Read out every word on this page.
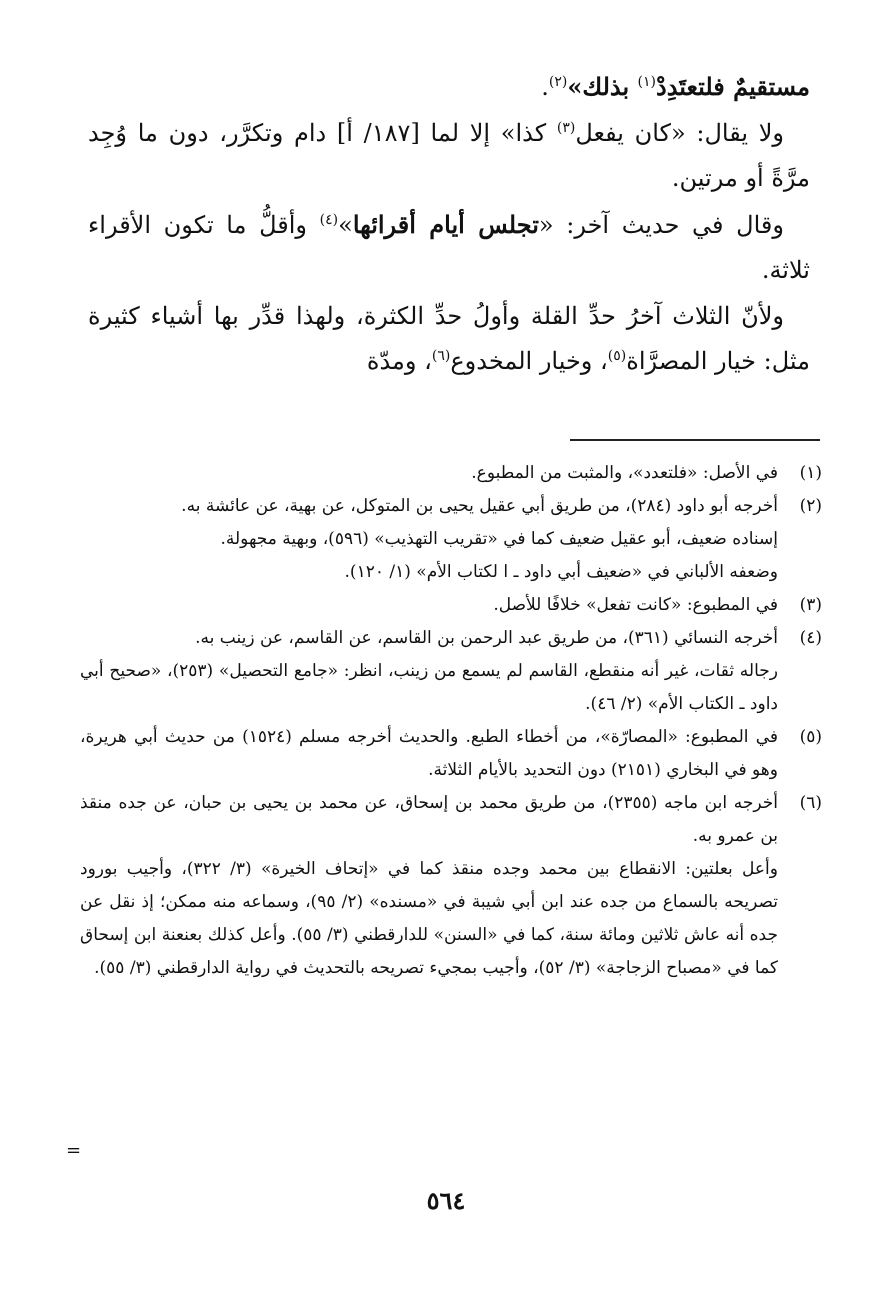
مستقيمٌ فلتعتَدِدْ$^{(١)}$ بذلك»$^{(٢)}$.

ولا يقال: «كان يفعل$^{(٣)}$ كذا» إلا لما [١٨٧/ أ] دام وتكرَّر، دون ما وُجِد مرَّةً أو مرتين.

وقال في حديث آخر: «تجلس أيام أقرائها»$^{(٤)}$ وأقلُّ ما تكون الأقراء ثلاثة.

ولأنّ الثلاث آخرُ حدِّ القلة وأولُ حدِّ الكثرة، ولهذا قدِّر بها أشياء كثيرة مثل: خيار المصرَّاة$^{(٥)}$، وخيار المخدوع$^{(٦)}$، ومدّة

(١)

في الأصل: «فلتعدد»، والمثبت من المطبوع.

(٢)

أخرجه أبو داود (٢٨٤)، من طريق أبي عقيل يحيى بن المتوكل، عن بهية، عن عائشة به.

إسناده ضعيف، أبو عقيل ضعيف كما في «تقريب التهذيب» (٥٩٦)، وبهية مجهولة.

وضعفه الألباني في «ضعيف أبي داود ـ ا لكتاب الأم» (١/ ١٢٠).

(٣)

في المطبوع: «كانت تفعل» خلافًا للأصل.

(٤)

أخرجه النسائي (٣٦١)، من طريق عبد الرحمن بن القاسم، عن القاسم، عن زينب به.

رجاله ثقات، غير أنه منقطع، القاسم لم يسمع من زينب، انظر: «جامع التحصيل» (٢٥٣)، «صحيح أبي داود ـ الكتاب الأم» (٢/ ٤٦).

(٥)

في المطبوع: «المصارّة»، من أخطاء الطبع. والحديث أخرجه مسلم (١٥٢٤) من حديث أبي هريرة، وهو في البخاري (٢١٥١) دون التحديد بالأيام الثلاثة.

(٦)

أخرجه ابن ماجه (٢٣٥٥)، من طريق محمد بن إسحاق، عن محمد بن يحيى بن حبان، عن جده منقذ بن عمرو به.

وأعل بعلتين: الانقطاع بين محمد وجده منقذ كما في «إتحاف الخيرة» (٣/ ٣٢٢)، وأجيب بورود تصريحه بالسماع من جده عند ابن أبي شيبة في «مسنده» (٢/ ٩٥)، وسماعه منه ممكن؛ إذ نقل عن جده أنه عاش ثلاثين ومائة سنة، كما في «السنن» للدارقطني (٣/ ٥٥). وأعل كذلك بعنعنة ابن إسحاق كما في «مصباح الزجاجة» (٣/ ٥٢)، وأجيب بمجيء تصريحه بالتحديث في رواية الدارقطني (٣/ ٥٥).

=
٥٦٤
